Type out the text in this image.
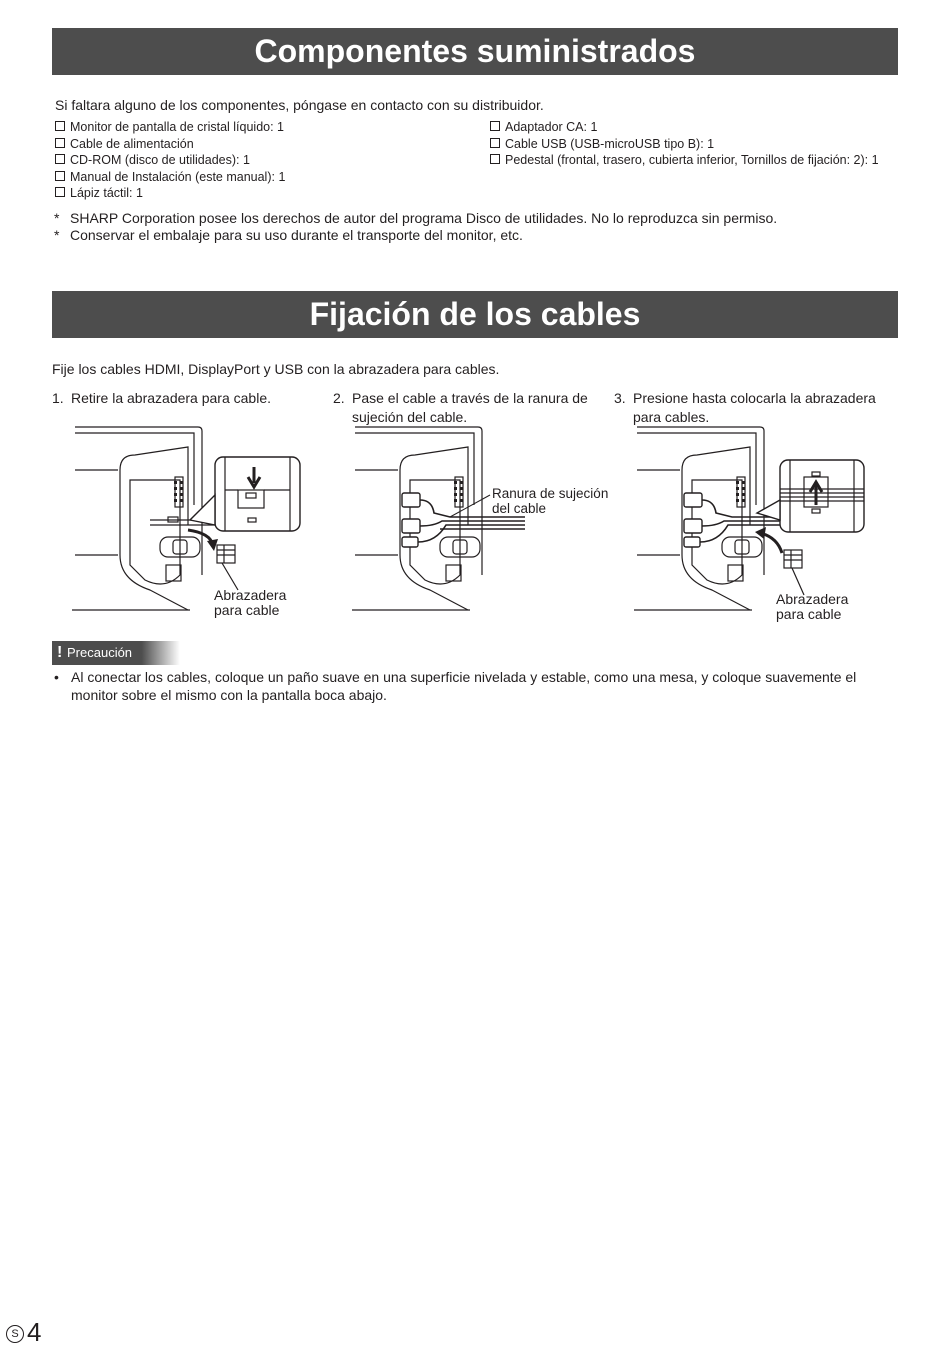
Componentes suministrados
Si faltara alguno de los componentes, póngase en contacto con su distribuidor.
Monitor de pantalla de cristal líquido: 1
Cable de alimentación
CD-ROM (disco de utilidades): 1
Manual de Instalación (este manual): 1
Lápiz táctil: 1
Adaptador CA: 1
Cable USB (USB-microUSB tipo B): 1
Pedestal (frontal, trasero, cubierta inferior, Tornillos de fijación: 2): 1
* SHARP Corporation posee los derechos de autor del programa Disco de utilidades. No lo reproduzca sin permiso.
* Conservar el embalaje para su uso durante el transporte del monitor, etc.
Fijación de los cables
Fije los cables HDMI, DisplayPort y USB con la abrazadera para cables.
1. Retire la abrazadera para cable.	2. Pase el cable a través de la ranura de
sujeción del cable.
3. Presione hasta colocarla la abrazadera
para cables.
Abrazadera
para cable
Ranura de sujeción
del cable
Abrazadera
para cable
! Precaución
• Al conectar los cables, coloque un paño suave en una superficie nivelada y estable, como una mesa, y coloque suavemente el monitor sobre el mismo con la pantalla boca abajo.
S 4
